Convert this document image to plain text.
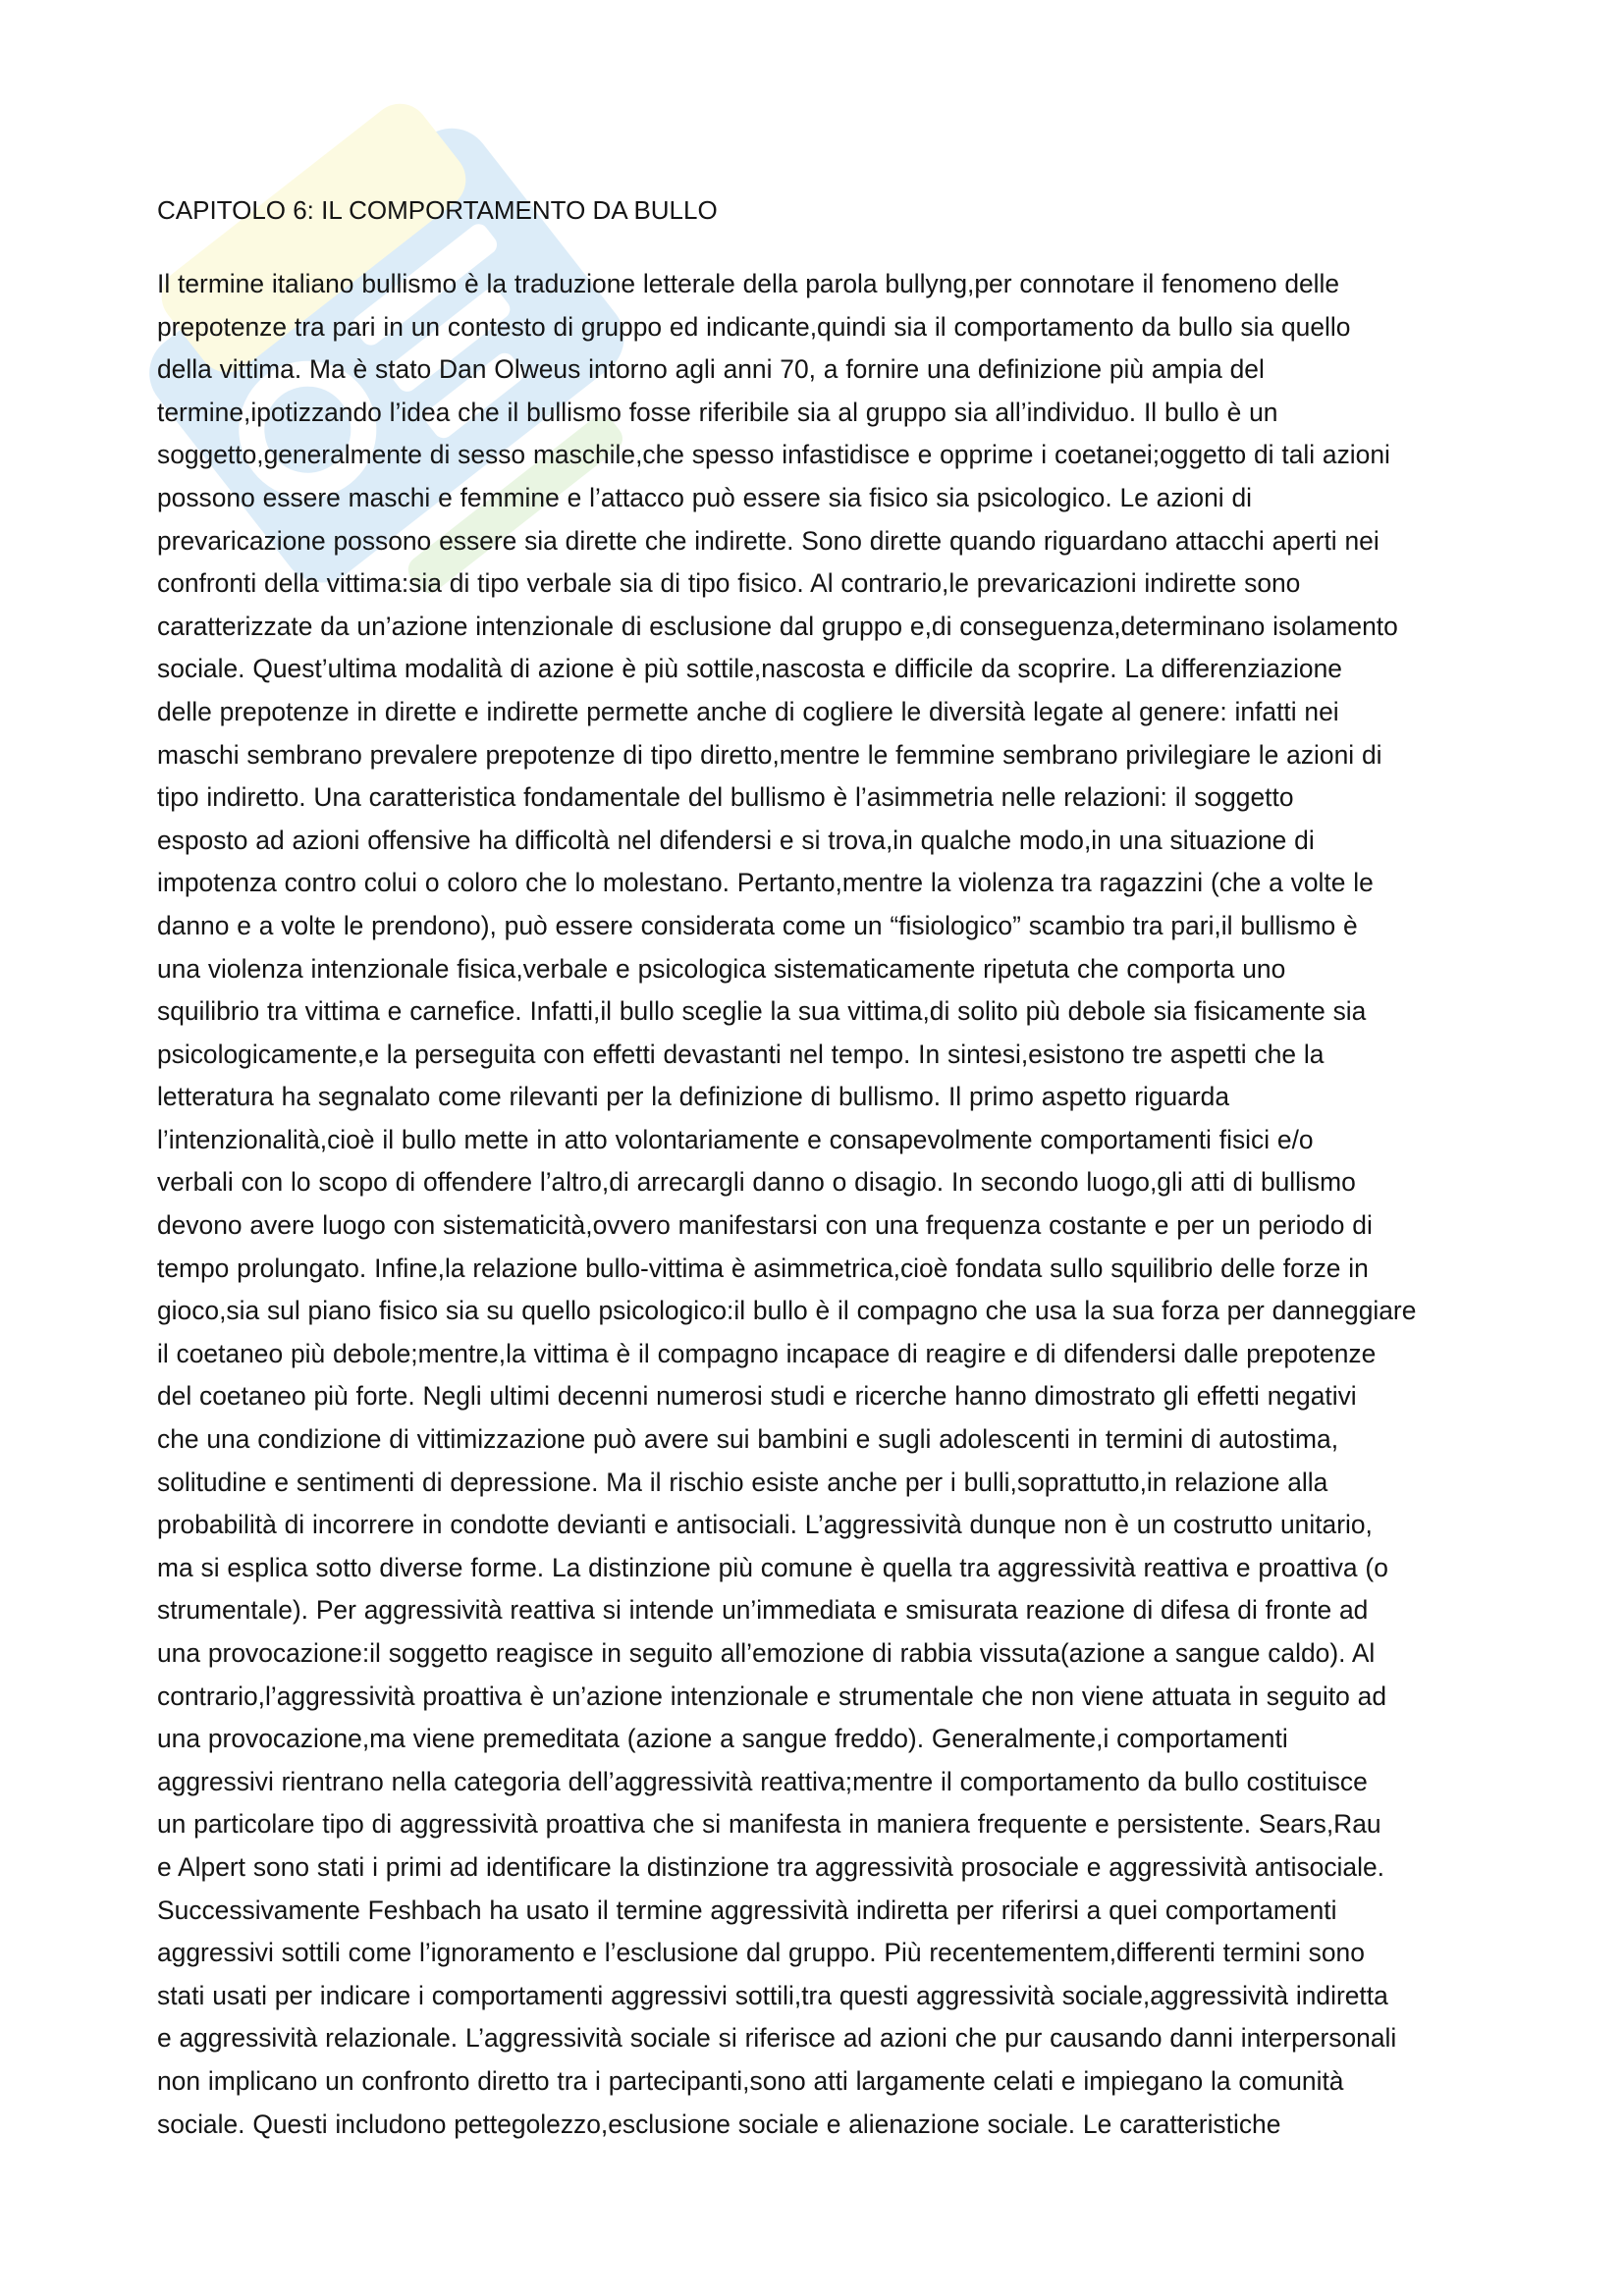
CAPITOLO 6: IL COMPORTAMENTO DA BULLO
Il termine italiano bullismo è la traduzione letterale della parola bullyng,per connotare il fenomeno delle
prepotenze tra pari in un contesto di gruppo ed indicante,quindi sia il comportamento da bullo sia quello
della vittima. Ma è stato Dan Olweus intorno agli anni 70, a fornire una definizione più ampia del
termine,ipotizzando l’idea che il bullismo fosse riferibile sia al gruppo sia all’individuo. Il bullo è un
soggetto,generalmente di sesso maschile,che spesso infastidisce e opprime i coetanei;oggetto di tali azioni
possono essere maschi e femmine e l’attacco può essere sia fisico sia psicologico. Le azioni di
prevaricazione possono essere sia dirette che indirette. Sono dirette quando riguardano attacchi aperti nei
confronti della vittima:sia di tipo verbale sia di tipo fisico. Al contrario,le prevaricazioni indirette sono
caratterizzate da un’azione intenzionale di esclusione dal gruppo e,di conseguenza,determinano isolamento
sociale. Quest’ultima modalità di azione è più sottile,nascosta e difficile da scoprire. La differenziazione
delle prepotenze in dirette e indirette permette anche di cogliere le diversità legate al genere: infatti nei
maschi sembrano prevalere prepotenze di tipo diretto,mentre le femmine sembrano privilegiare le azioni di
tipo indiretto. Una caratteristica fondamentale del bullismo è l’asimmetria nelle relazioni: il soggetto
esposto ad azioni offensive ha difficoltà nel difendersi e si trova,in qualche modo,in una situazione di
impotenza contro colui o coloro che lo molestano. Pertanto,mentre la violenza tra ragazzini (che a volte le
danno e a volte le prendono), può essere considerata come un “fisiologico” scambio tra pari,il bullismo è
una violenza intenzionale fisica,verbale e psicologica sistematicamente ripetuta che comporta uno
squilibrio tra vittima e carnefice. Infatti,il bullo sceglie la sua vittima,di solito più debole sia fisicamente sia
psicologicamente,e la perseguita con effetti devastanti nel tempo. In sintesi,esistono tre aspetti che la
letteratura ha segnalato come rilevanti per la definizione di bullismo. Il primo aspetto riguarda
l’intenzionalità,cioè il bullo mette in atto volontariamente e consapevolmente comportamenti fisici e/o
verbali con lo scopo di offendere l’altro,di arrecargli danno o disagio. In secondo luogo,gli atti di bullismo
devono avere luogo con sistematicità,ovvero manifestarsi con una frequenza costante e per un periodo di
tempo prolungato. Infine,la relazione bullo-vittima è asimmetrica,cioè fondata sullo squilibrio delle forze in
gioco,sia sul piano fisico sia su quello psicologico:il bullo è il compagno che usa la sua forza per danneggiare
il coetaneo più debole;mentre,la vittima è il compagno incapace di reagire e di difendersi dalle prepotenze
del coetaneo più forte. Negli ultimi decenni numerosi studi e ricerche hanno dimostrato gli effetti negativi
che una condizione di vittimizzazione può avere sui bambini e sugli adolescenti in termini di autostima,
solitudine e sentimenti di depressione. Ma il rischio esiste anche per i bulli,soprattutto,in relazione alla
probabilità di incorrere in condotte devianti e antisociali. L’aggressività dunque non è un costrutto unitario,
ma si esplica sotto diverse forme. La distinzione più comune è quella tra aggressività reattiva e proattiva (o
strumentale). Per aggressività reattiva si intende un’immediata e smisurata reazione di difesa di fronte ad
una provocazione:il soggetto reagisce in seguito all’emozione di rabbia vissuta(azione a sangue caldo). Al
contrario,l’aggressività proattiva è un’azione intenzionale e strumentale che non viene attuata in seguito ad
una provocazione,ma viene premeditata (azione a sangue freddo). Generalmente,i comportamenti
aggressivi rientrano nella categoria dell’aggressività reattiva;mentre il comportamento da bullo costituisce
un particolare tipo di aggressività proattiva che si manifesta in maniera frequente e persistente. Sears,Rau
e Alpert sono stati i primi ad identificare la distinzione tra aggressività prosociale e aggressività antisociale.
Successivamente Feshbach ha usato il termine aggressività indiretta per riferirsi a quei comportamenti
aggressivi sottili come l’ignoramento e l’esclusione dal gruppo. Più recentementem,differenti termini sono
stati usati per indicare i comportamenti aggressivi sottili,tra questi aggressività sociale,aggressività indiretta
e aggressività relazionale. L’aggressività sociale si riferisce ad azioni che pur causando danni interpersonali
non implicano un confronto diretto tra i partecipanti,sono atti largamente celati e impiegano la comunità
sociale. Questi includono pettegolezzo,esclusione sociale e alienazione sociale. Le caratteristiche
